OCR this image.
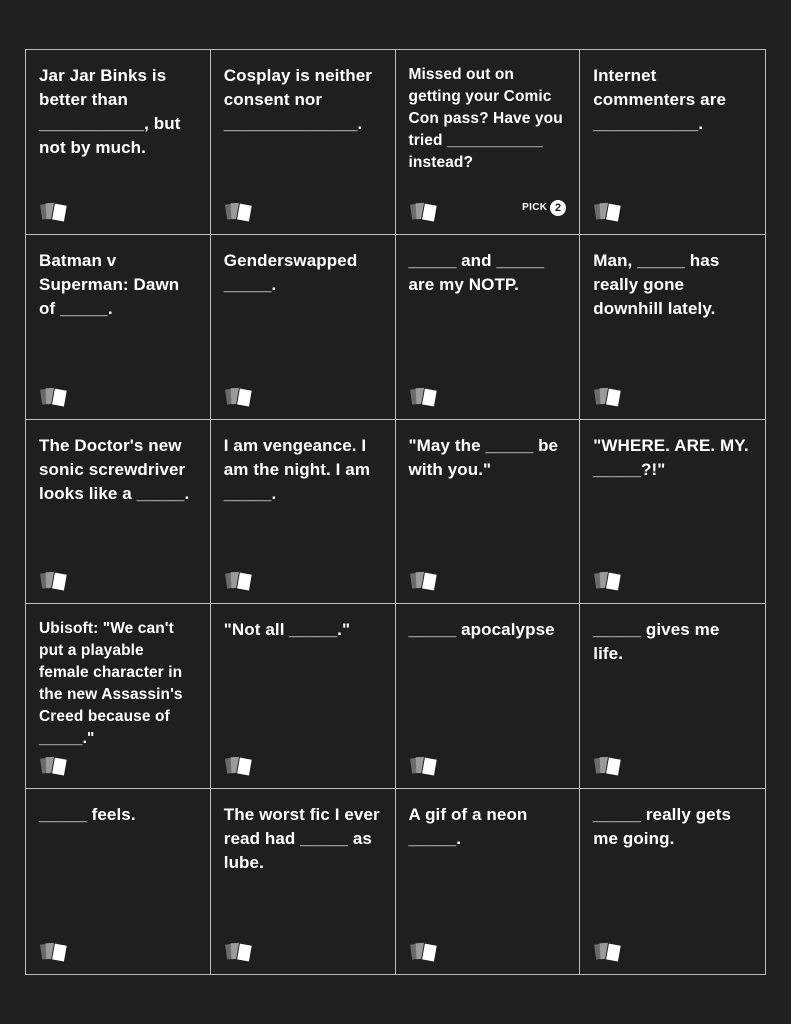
Jar Jar Binks is better than ___________, but not by much.
Cosplay is neither consent nor ______________.
Missed out on getting your Comic Con pass? Have you tried ___________ instead?
PICK 2
Internet commenters are ___________.
Batman v Superman: Dawn of _____.
Genderswapped _____.
_____ and _____ are my NOTP.
Man, _____ has really gone downhill lately.
The Doctor's new sonic screwdriver looks like a _____.
I am vengeance. I am the night. I am _____.
"May the _____ be with you."
"WHERE. ARE. MY. _____?!"
Ubisoft: "We can't put a playable female character in the new Assassin's Creed because of _____."
"Not all _____."	_____ apocalypse	_____ gives me life.
_____ feels.	The worst fic I ever read had _____ as lube.
A gif of a neon _____.
_____ really gets me going.
